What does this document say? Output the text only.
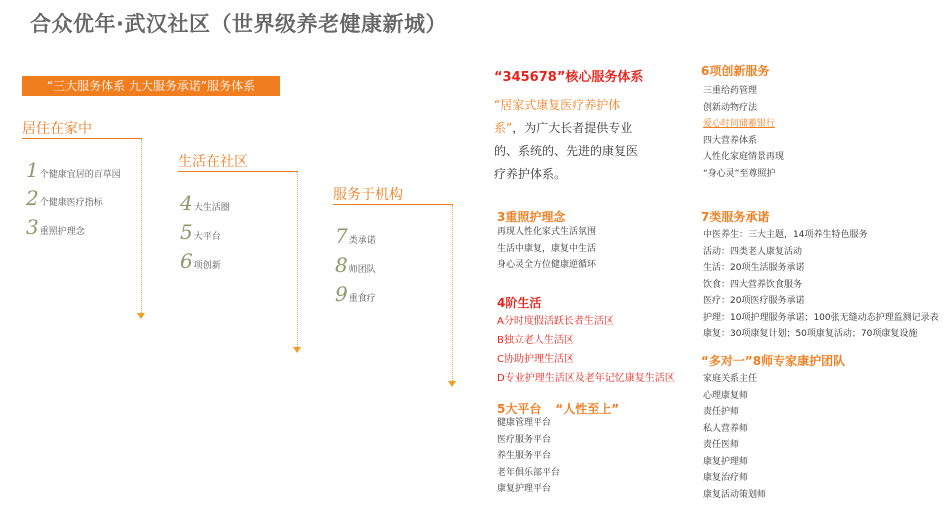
合众优年·武汉社区（世界级养老健康新城）
“三大服务体系 九大服务承诺”服务体系
居住在家中
1个健康宜居的百草园
2个健康医疗指标
3重照护理念
生活在社区
4大生活圈
5大平台
6项创新
服务于机构
7类承诺
8师团队
9重食疗
“345678”核心服务体系
“居家式康复医疗养护体系”，为广大长者提供专业的、系统的、先进的康复医疗养护体系。
3重照护理念
再现人性化家式生活氛围
生活中康复，康复中生活
身心灵全方位健康逆循环
4阶生活
A分时度假活跃长者生活区
B独立老人生活区
C协助护理生活区
D专业护理生活区及老年记忆康复生活区
5大平台 “人性至上”
健康管理平台
医疗服务平台
养生服务平台
老年俱乐部平台
康复护理平台
6项创新服务
三重给药管理
创新动物疗法
爱心时间储蓄银行
四大营养体系
人性化家庭情景再现
“身心灵”至尊照护
7类服务承诺
中医养生：三大主题，14项养生特色服务
活动：四类老人康复活动
生活：20项生活服务承诺
饮食：四大营养饮食服务
医疗：20项医疗服务承诺
护理：10项护理服务承诺；100张无缝动态护理监测记录表
康复：30项康复计划；50项康复活动；70项康复设施
“多对一”8师专家康护团队
家庭关系主任
心理康复师
责任护师
私人营养师
责任医师
康复护理师
康复治疗师
康复活动策划师
